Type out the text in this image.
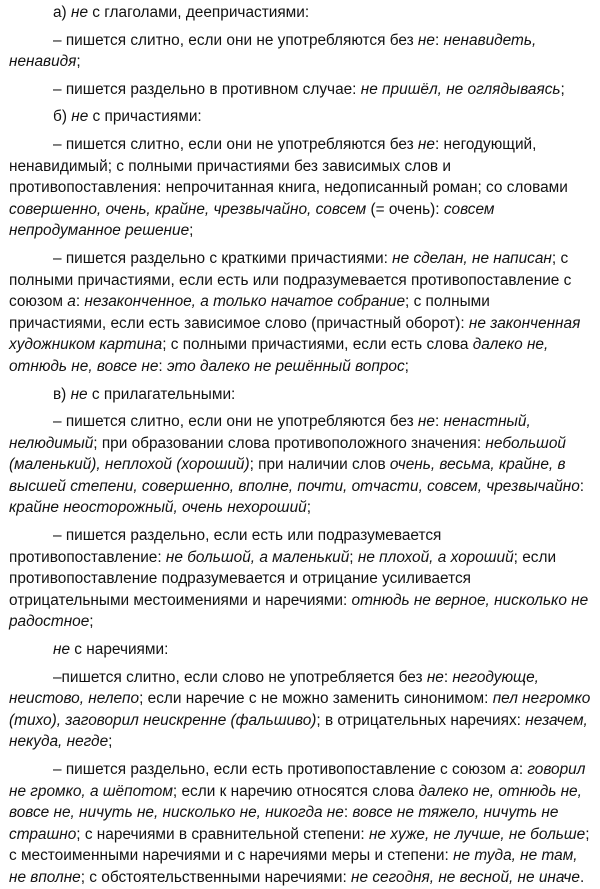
а) не с глаголами, деепричастиями:

– пишется слитно, если они не употребляются без не: ненавидеть, ненавидя;

– пишется раздельно в противном случае: не пришёл, не оглядываясь;

б) не с причастиями:

– пишется слитно, если они не употребляются без не: негодующий, ненавидимый; с полными причастиями без зависимых слов и противопоставления: непрочитанная книга, недописанный роман; со словами совершенно, очень, крайне, чрезвычайно, совсем (= очень): совсем непродуманное решение;

– пишется раздельно с краткими причастиями: не сделан, не написан; с полными причастиями, если есть или подразумевается противопоставление с союзом а: незаконченное, а только начатое собрание; с полными причастиями, если есть зависимое слово (причастный оборот): не законченная художником картина; с полными причастиями, если есть слова далеко не, отнюдь не, вовсе не: это далеко не решённый вопрос;

в) не с прилагательными:

– пишется слитно, если они не употребляются без не: ненастный, нелюдимый; при образовании слова противоположного значения: небольшой (маленький), неплохой (хороший); при наличии слов очень, весьма, крайне, в высшей степени, совершенно, вполне, почти, отчасти, совсем, чрезвычайно: крайне неосторожный, очень нехороший;

– пишется раздельно, если есть или подразумевается противопоставление: не большой, а маленький; не плохой, а хороший; если противопоставление подразумевается и отрицание усиливается отрицательными местоимениями и наречиями: отнюдь не верное, нисколько не радостное;

не с наречиями:

–пишется слитно, если слово не употребляется без не: негодующе, неистово, нелепо; если наречие с не можно заменить синонимом: пел негромко (тихо), заговорил неискренне (фальшиво); в отрицательных наречиях: незачем, некуда, негде;

– пишется раздельно, если есть противопоставление с союзом а: говорил не громко, а шёпотом; если к наречию относятся слова далеко не, отнюдь не, вовсе не, ничуть не, нисколько не, никогда не: вовсе не тяжело, ничуть не страшно; с наречиями в сравнительной степени: не хуже, не лучше, не больше; с местоименными наречиями и с наречиями меры и степени: не туда, не там, не вполне; с обстоятельственными наречиями: не сегодня, не весной, не иначе.
